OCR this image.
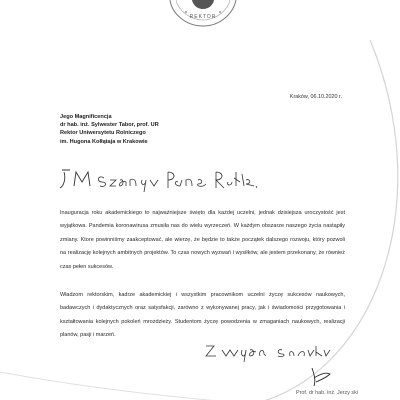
REKTOR
Kraków, 06.10.2020 r.
Jego Magnificencja
dr hab. inż. Sylwester Tabor, prof. UR
Rektor Uniwersytetu Rolniczego
im. Hugona Kołłątaja w Krakowie

Inauguracja roku akademickiego to najważniejsze święto dla każdej uczelni, jednak dzisiejsza uroczystość jest wyjątkowa. Pandemia koronawirusa zmusiła nas do wielu wyrzeczeń. W każdym obszarze naszego życia nastąpiły zmiany. Ktore powinniśmy zaakceptować, ale wierzę, że będzie to także początek dalszego rozwoju, który pozwoli na realizację kolejnych ambitnych projektów. To czas nowych wyzwań i wysiłków, ale jestem przekonany, że również czas pełen sukcesów.

Władzom rektorskim, kadrze akademickiej i wszystkim pracownikom uczelni życzę sukcesów naukowych, badawczych i dydaktycznych oraz satysfakcji, zarówno z wykonywanej pracy, jak i świadomości przygotowania i kształtowania kolejnych pokoleń mrozdzieży. Studentom życzę powodzenia w zmaganiach naukowych, realizacji planów, pasji i marzeń.

Prof. dr hab. inż. Jerzy ski
